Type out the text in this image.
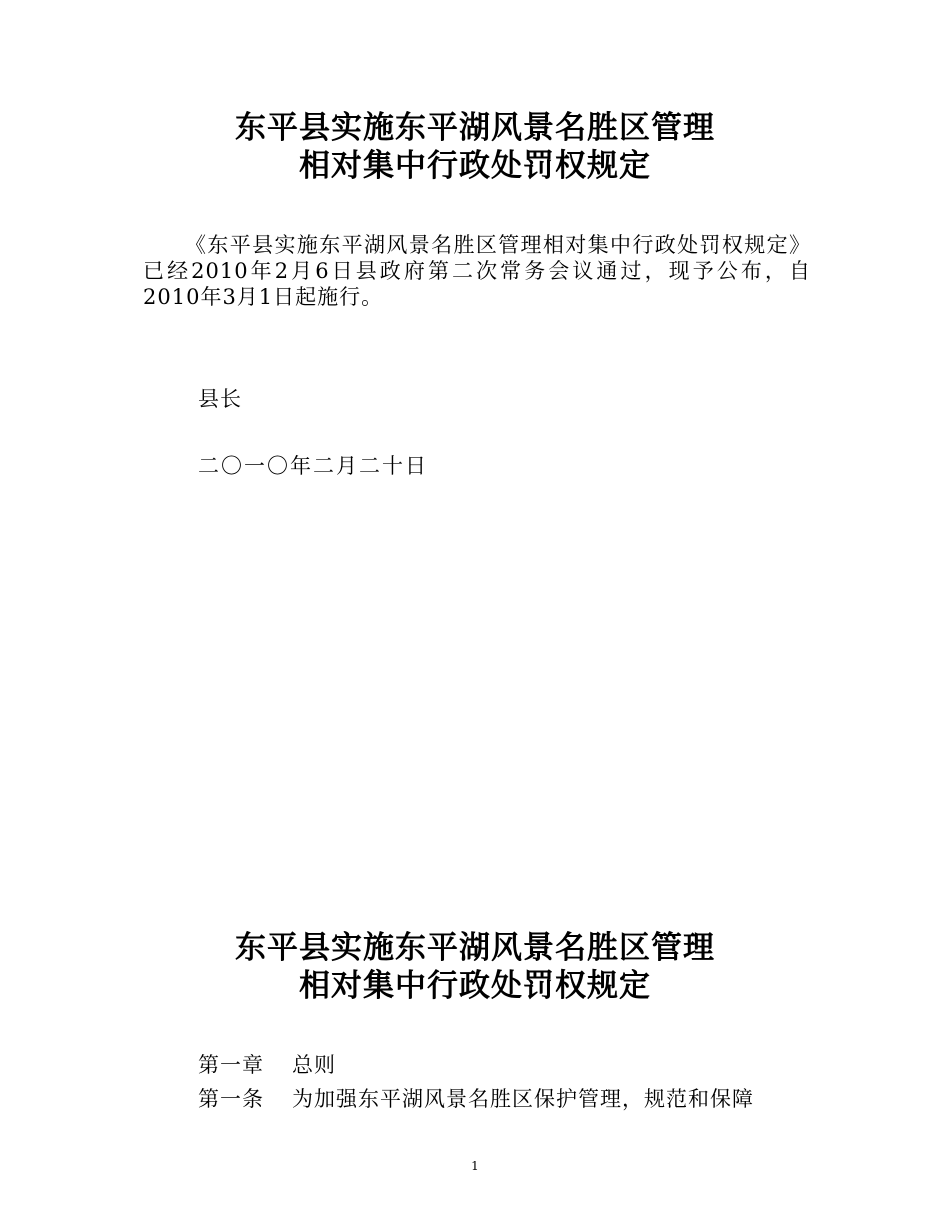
东平县实施东平湖风景名胜区管理
相对集中行政处罚权规定

《东平县实施东平湖风景名胜区管理相对集中行政处罚权规定》已经2010年2月6日县政府第二次常务会议通过，现予公布，自2010年3月1日起施行。

县长

二〇一〇年二月二十日

东平县实施东平湖风景名胜区管理
相对集中行政处罚权规定

第一章 总则

第一条 为加强东平湖风景名胜区保护管理，规范和保障

1
